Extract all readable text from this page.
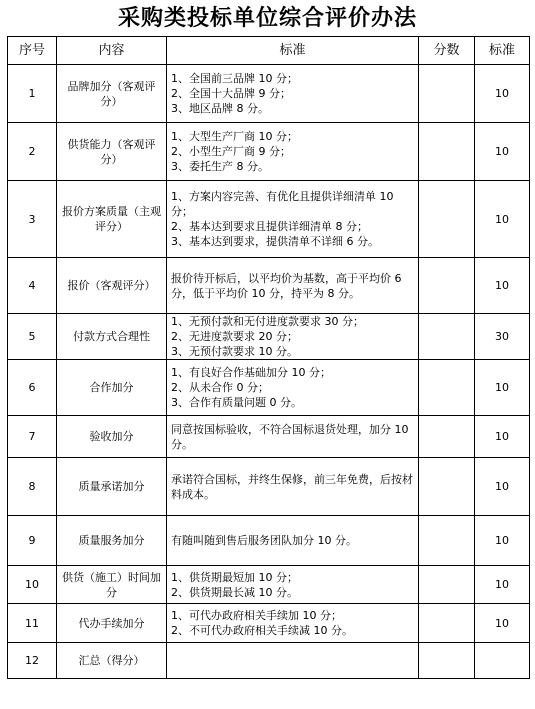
采购类投标单位综合评价办法
序号	内容	标准	分数	标准
1	品牌加分（客观评分）	1、全国前三品牌 10 分；
2、全国十大品牌 9 分；
3、地区品牌 8 分。		10
2	供货能力（客观评分）	1、大型生产厂商 10 分；
2、小型生产厂商 9 分；
3、委托生产 8 分。		10
3	报价方案质量（主观评分）	1、方案内容完善、有优化且提供详细清单 10 分；
2、基本达到要求且提供详细清单 8 分；
3、基本达到要求，提供清单不详细 6 分。		10
4	报价（客观评分）	报价待开标后，以平均价为基数，高于平均价 6 分，低于平均价 10 分，持平为 8 分。		10
5	付款方式合理性	1、无预付款和无付进度款要求 30 分；
2、无进度款要求 20 分；
3、无预付款要求 10 分。		30
6	合作加分	1、有良好合作基础加分 10 分；
2、从未合作 0 分；
3、合作有质量问题 0 分。		10
7	验收加分	同意按国标验收，不符合国标退货处理，加分 10 分。		10
8	质量承诺加分	承诺符合国标，并终生保修，前三年免费，后按材料成本。		10
9	质量服务加分	有随叫随到售后服务团队加分 10 分。		10
10	供货（施工）时间加分	1、供货期最短加 10 分；
2、供货期最长减 10 分。		10
11	代办手续加分	1、可代办政府相关手续加 10 分；
2、不可代办政府相关手续减 10 分。		10
12	汇总（得分）			
